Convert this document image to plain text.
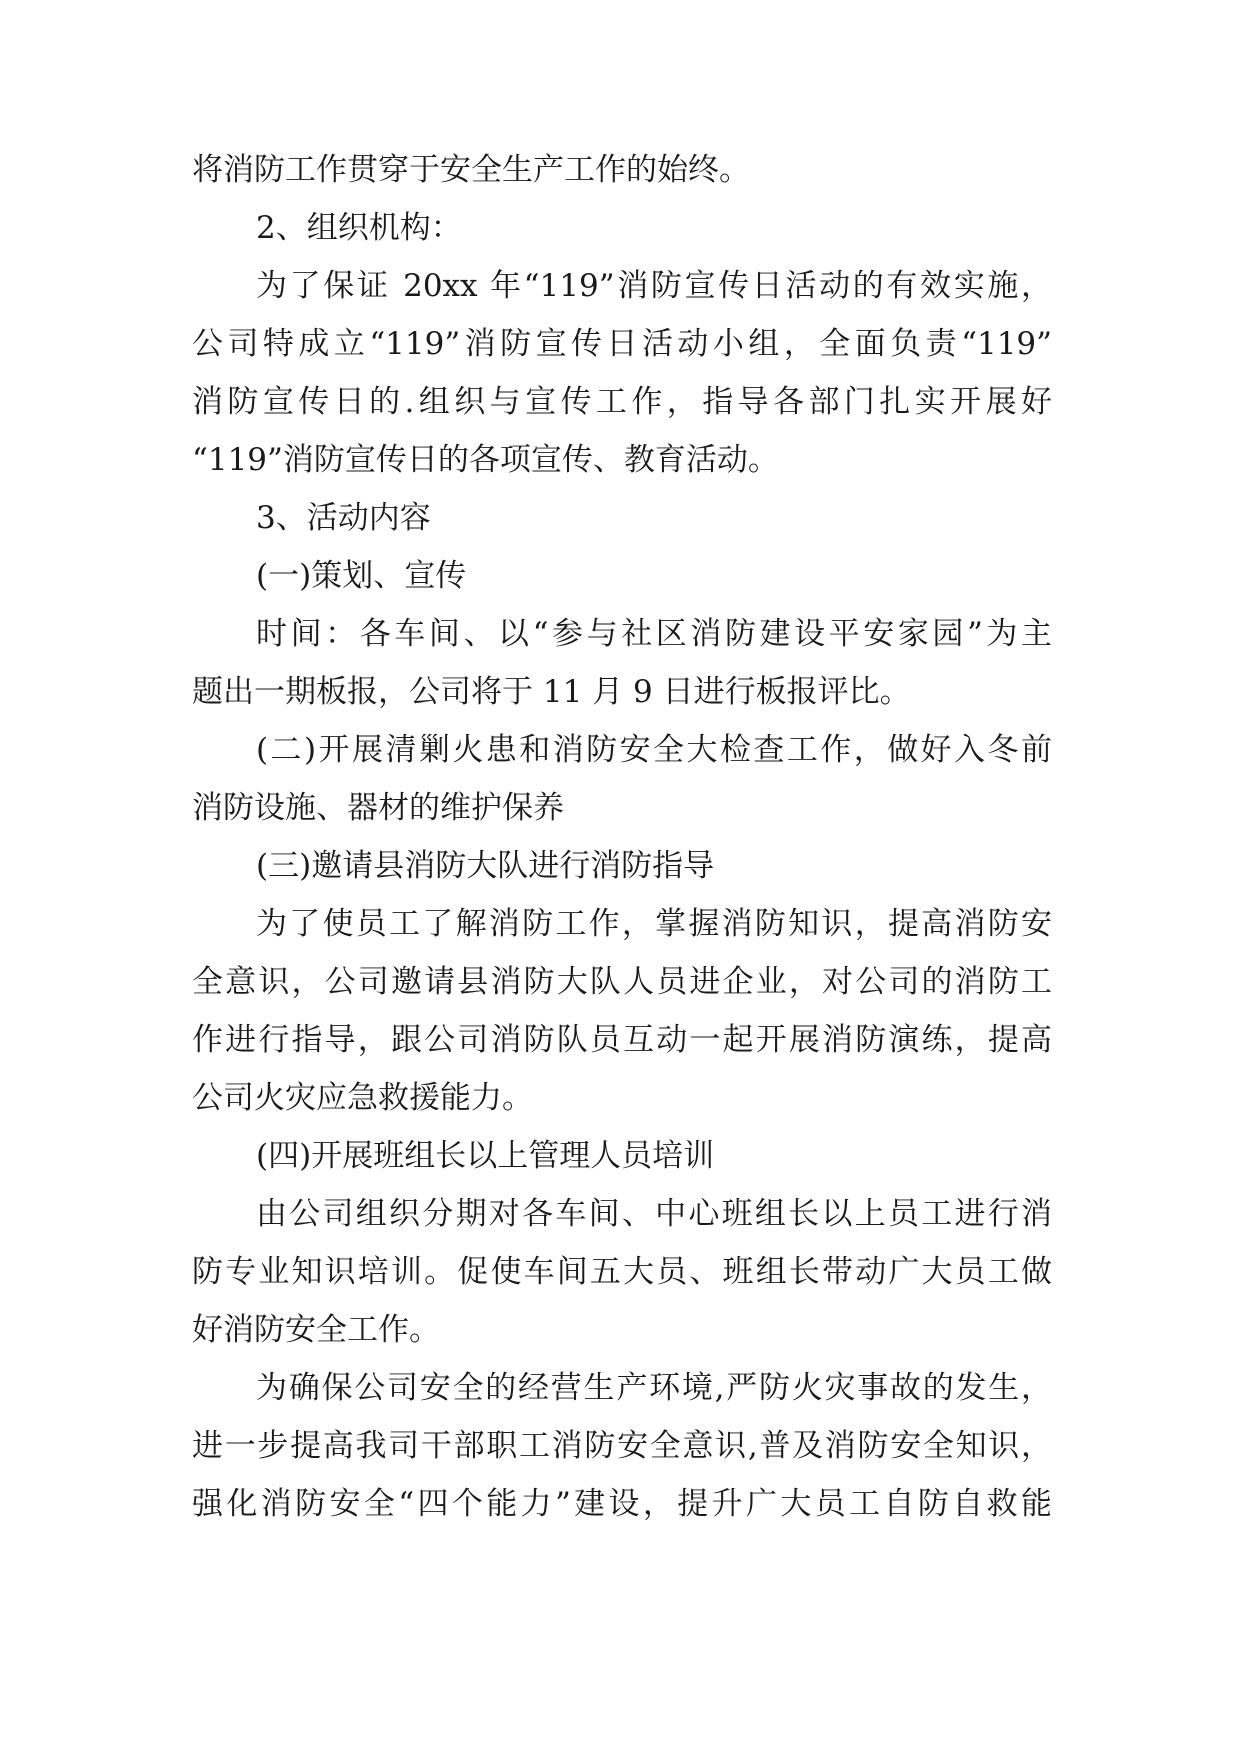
将消防工作贯穿于安全生产工作的始终。
2、组织机构：
为了保证 20xx 年“119”消防宣传日活动的有效实施，
公司特成立“119”消防宣传日活动小组，全面负责“119”
消防宣传日的.组织与宣传工作，指导各部门扎实开展好
“119”消防宣传日的各项宣传、教育活动。
3、活动内容
(一)策划、宣传
时间：各车间、以“参与社区消防建设平安家园”为主
题出一期板报，公司将于 11 月 9 日进行板报评比。
(二)开展清剿火患和消防安全大检查工作，做好入冬前
消防设施、器材的维护保养
(三)邀请县消防大队进行消防指导
为了使员工了解消防工作，掌握消防知识，提高消防安
全意识，公司邀请县消防大队人员进企业，对公司的消防工
作进行指导，跟公司消防队员互动一起开展消防演练，提高
公司火灾应急救援能力。
(四)开展班组长以上管理人员培训
由公司组织分期对各车间、中心班组长以上员工进行消
防专业知识培训。促使车间五大员、班组长带动广大员工做
好消防安全工作。
为确保公司安全的经营生产环境,严防火灾事故的发生，
进一步提高我司干部职工消防安全意识,普及消防安全知识，
强化消防安全“四个能力”建设，提升广大员工自防自救能
